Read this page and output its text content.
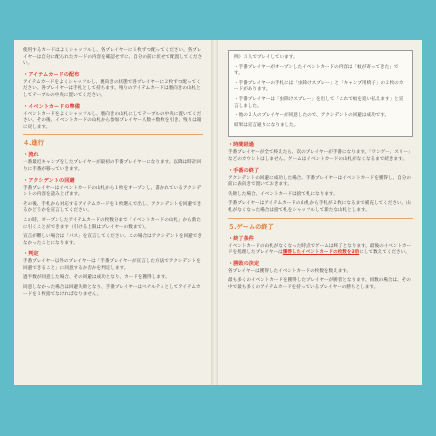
使用するカードはよくシャッフルし、各プレイヤーに１枚ずつ配ってください。各プレイヤーは自分に配られたカードの内容を確認せずに、自分の前に伏せて配置してください。

・アイテムカードの配布

アイテムカードをよくシャッフルし、裏向きの状態で各プレイヤーに２枚ずつ配ってください。各プレイヤーは手札として持ちます。残りのアイテムカードは裏向きの山札としてテーブルの中央に置いてください。

・イベントカードの準備

イベントカードをよくシャッフルし、裏向きの山札にしてテーブルの中央に置いてください。その後、イベントカードの山札から参加プレイヤー人数＋数枚を引き、残りは箱に戻します。

４.進行
・流れ

一番最近キャンプをしたプレイヤーが最初の手番プレイヤーになります。以降は時計回りに手番が移っていきます。

・アクシデントの回避

手番プレイヤーはイベントカードの山札から１枚をオープンし、書かれているアクシデントの内容を読み上げます。

その後、手札から対応するアイテムカードを１枚選んで出し、アクシデントを回避できるかどうかを宣言してください。

この時、オープンしたアイテムカードの枚数分まで「イベントカードの山札」から新たに引くことができます（引ける上限はプレイヤーの数まで）。

宣言が難しい場合は「パス」を宣言してください。この場合はアクシデントを回避できなかったことになります。

・判定

手番プレイヤー以外のプレイヤーは「手番プレイヤーが宣言した方法でアクシデントを回避できること」に同意するか否かを判定します。

過半数が同意した場合、その回避は成功となり、カードを獲得します。

同意しなかった場合は回避失敗となり、手番プレイヤーはペナルティとしてアイテムカードを１枚捨てなければなりません。

例）３人でプレイしています。

・手番プレイヤーがオープンしたイベントカードの内容は「蚊が寄ってきた」です。

・手番プレイヤーの手札には「虫除けスプレー」と「キャンプ用椅子」の２枚のカードがあります。

・手番プレイヤーは「虫除けスプレー」を出して「これで蚊を追い払えます」と宣言しました。

・他の２人のプレイヤーが同意したので、アクシデントの回避は成功です。

結果は宣言通りになりました。

・時間経過

手番プレイヤーが全て終えたら、次のプレイヤーが手番になります。「ワンゲー、スリー」などのカウントはしません。ゲームはイベントカードの山札がなくなるまで続きます。

・手番の終了

アクシデントの回避に成功した場合、手番プレイヤーはイベントカードを獲得し、自分の前に表向きで置いておきます。

失敗した場合、イベントカードは捨て札になります。

手番プレイヤーはアイテムカードの山札から手札が２枚になるまで補充してください。山札がなくなった場合は捨て札をシャッフルして新たな山札とします。

５.ゲームの終了
・終了条件

イベントカードの山札がなくなった時点でゲームは終了となります。最後のイベントカードを処理したプレイヤーは獲得したイベントカードの枚数を2倍にして数えてください。

・勝敗の決定

各プレイヤーは獲得したイベントカードの枚数を数えます。

最も多くのイベントカードを獲得したプレイヤーが勝者となります。同数の場合は、その中で最も多くのアイテムカードを持っているプレイヤーの勝ちとします。
